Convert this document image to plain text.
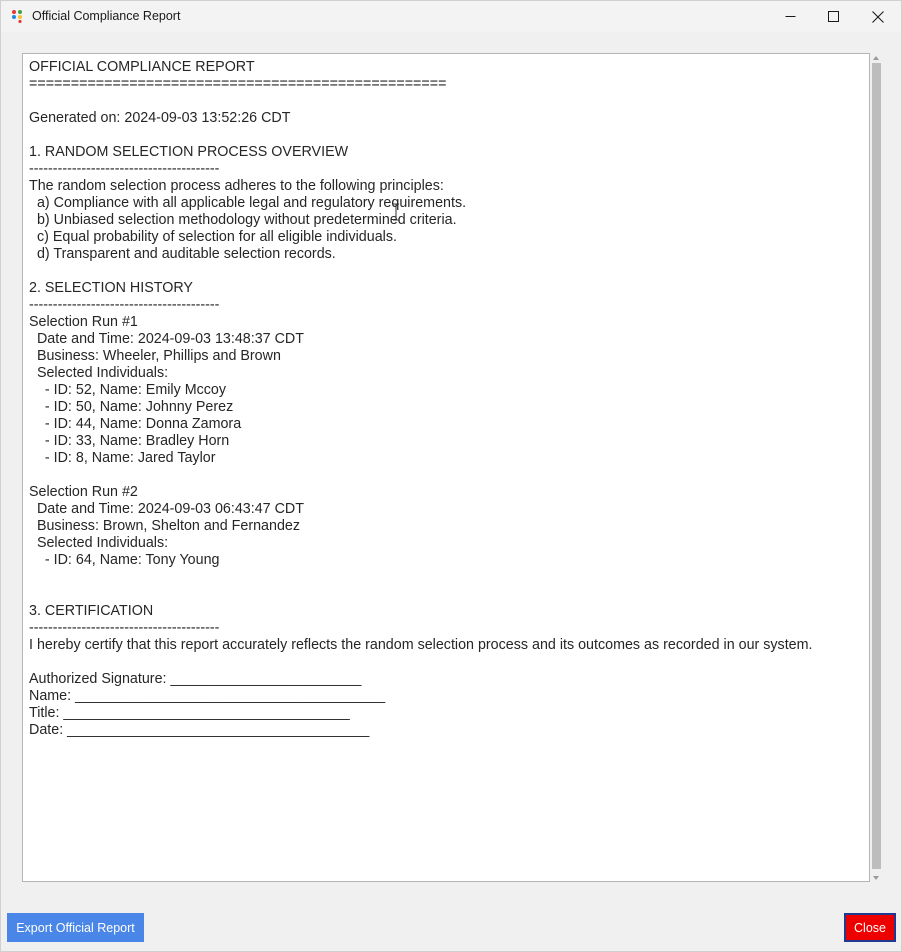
Official Compliance Report
OFFICIAL COMPLIANCE REPORT
==================================================

Generated on: 2024-09-03 13:52:26 CDT

1. RANDOM SELECTION PROCESS OVERVIEW
----------------------------------------
The random selection process adheres to the following principles:
a) Compliance with all applicable legal and regulatory requirements.
b) Unbiased selection methodology without predetermined criteria.
c) Equal probability of selection for all eligible individuals.
d) Transparent and auditable selection records.

2. SELECTION HISTORY
----------------------------------------
Selection Run #1
Date and Time: 2024-09-03 13:48:37 CDT
Business: Wheeler, Phillips and Brown
Selected Individuals:
- ID: 52, Name: Emily Mccoy
- ID: 50, Name: Johnny Perez
- ID: 44, Name: Donna Zamora
- ID: 33, Name: Bradley Horn
- ID: 8, Name: Jared Taylor

Selection Run #2
Date and Time: 2024-09-03 06:43:47 CDT
Business: Brown, Shelton and Fernandez
Selected Individuals:
- ID: 64, Name: Tony Young

3. CERTIFICATION
----------------------------------------
I hereby certify that this report accurately reflects the random selection process and its outcomes as recorded in our system.

Authorized Signature: ________________________
Name: _______________________________________
Title: ____________________________________
Date: ______________________________________
Export Official Report	Close
